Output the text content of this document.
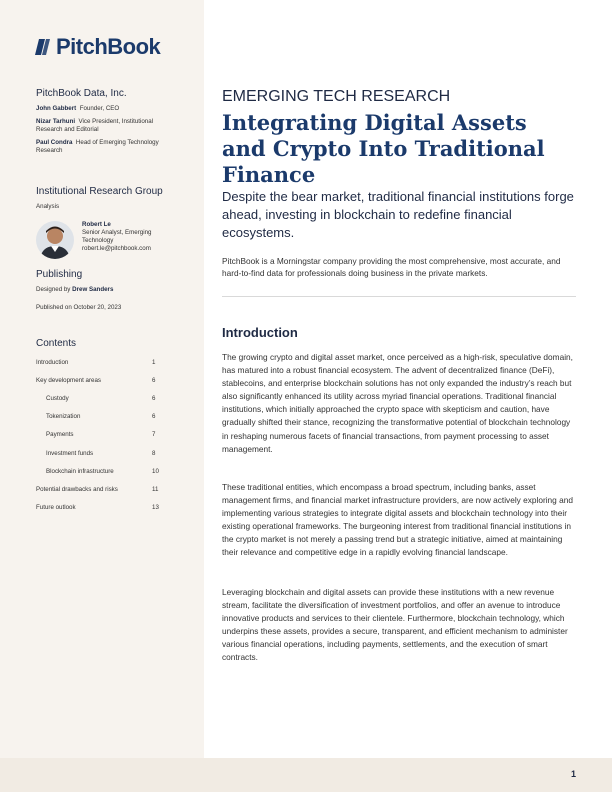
1
PitchBook
PitchBook Data, Inc.
John Gabbert Founder, CEO
Nizar Tarhuni Vice President, Institutional Research and Editorial
Paul Condra Head of Emerging Technology Research
Institutional Research Group
Analysis
Robert Le
Senior Analyst, Emerging Technology
robert.le@pitchbook.com
Publishing
Designed by Drew Sanders
Published on October 20, 2023
Contents
Introduction	1
Key development areas	6
Custody	6
Tokenization	6
Payments	7
Investment funds	8
Blockchain infrastructure	10
Potential drawbacks and risks	11
Future outlook	13
EMERGING TECH RESEARCH
Integrating Digital Assets and Crypto Into Traditional Finance
Despite the bear market, traditional financial institutions forge ahead, investing in blockchain to redefine financial ecosystems.
PitchBook is a Morningstar company providing the most comprehensive, most accurate, and hard-to-find data for professionals doing business in the private markets.
Introduction

The growing crypto and digital asset market, once perceived as a high-risk, speculative domain, has matured into a robust financial ecosystem. The advent of decentralized finance (DeFi), stablecoins, and enterprise blockchain solutions has not only expanded the industry’s reach but also significantly enhanced its utility across myriad financial operations. Traditional financial institutions, which initially approached the crypto space with skepticism and caution, have gradually shifted their stance, recognizing the transformative potential of blockchain technology in reshaping numerous facets of financial transactions, from payment processing to asset management.

These traditional entities, which encompass a broad spectrum, including banks, asset management firms, and financial market infrastructure providers, are now actively exploring and implementing various strategies to integrate digital assets and blockchain technology into their existing operational frameworks. The burgeoning interest from traditional financial institutions in the crypto market is not merely a passing trend but a strategic initiative, aimed at maintaining their relevance and competitive edge in a rapidly evolving financial landscape.

Leveraging blockchain and digital assets can provide these institutions with a new revenue stream, facilitate the diversification of investment portfolios, and offer an avenue to introduce innovative products and services to their clientele. Furthermore, blockchain technology, which underpins these assets, provides a secure, transparent, and efficient mechanism to administer various financial operations, including payments, settlements, and the execution of smart contracts.
